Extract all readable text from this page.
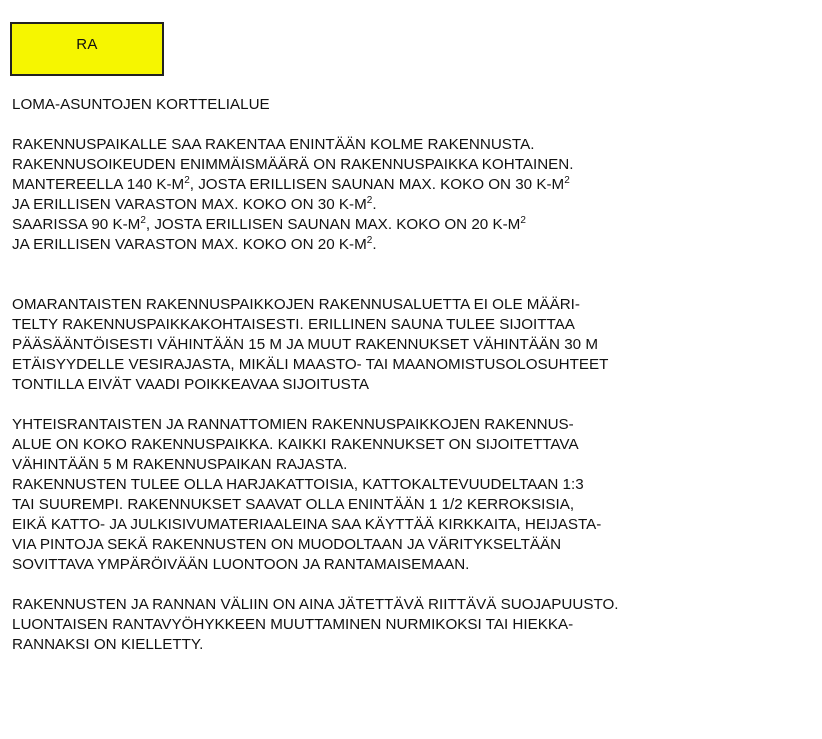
RA
LOMA-ASUNTOJEN KORTTELIALUE
RAKENNUSPAIKALLE SAA RAKENTAA ENINTÄÄN KOLME RAKENNUSTA.
RAKENNUSOIKEUDEN ENIMMÄISMÄÄRÄ ON RAKENNUSPAIKKA KOHTAINEN.
MANTEREELLA 140 $K-M^2$, JOSTA ERILLISEN SAUNAN MAX. KOKO ON 30 $K-M^2$
JA ERILLISEN VARASTON MAX. KOKO ON 30 $K-M^2$.
SAARISSA 90 $K-M^2$, JOSTA ERILLISEN SAUNAN MAX. KOKO ON 20 $K-M^2$
JA ERILLISEN VARASTON MAX. KOKO ON 20 $K-M^2$.
OMARANTAISTEN RAKENNUSPAIKKOJEN RAKENNUSALUETTA EI OLE MÄÄRI-
TELTY RAKENNUSPAIKKAKOHTAISESTI. ERILLINEN SAUNA TULEE SIJOITTAA
PÄÄSÄÄNTÖISESTI VÄHINTÄÄN 15 M JA MUUT RAKENNUKSET VÄHINTÄÄN 30 M
ETÄISYYDELLE VESIRAJASTA, MIKÄLI MAASTO- TAI MAANOMISTUSOLOSUHTEET
TONTILLA EIVÄT VAADI POIKKEAVAA SIJOITUSTA
YHTEISRANTAISTEN JA RANNATTOMIEN RAKENNUSPAIKKOJEN RAKENNUS-
ALUE ON KOKO RAKENNUSPAIKKA. KAIKKI RAKENNUKSET ON SIJOITETTAVA
VÄHINTÄÄN 5 M RAKENNUSPAIKAN RAJASTA.
RAKENNUSTEN TULEE OLLA HARJAKATTOISIA, KATTOKALTEVUUDELTAAN 1:3
TAI SUUREMPI. RAKENNUKSET SAAVAT OLLA ENINTÄÄN 1 1/2 KERROKSISIA,
EIKÄ KATTO- JA JULKISIVUMATERIAALEINA SAA KÄYTTÄÄ KIRKKAITA, HEIJASTA-
VIA PINTOJA SEKÄ RAKENNUSTEN ON MUODOLTAAN JA VÄRITYKSELTÄÄN
SOVITTAVA YMPÄRÖIVÄÄN LUONTOON JA RANTAMAISEMAAN.
RAKENNUSTEN JA RANNAN VÄLIIN ON AINA JÄTETTÄVÄ RIITTÄVÄ SUOJAPUUSTO.
LUONTAISEN RANTAVYÖHYKKEEN MUUTTAMINEN NURMIKOKSI TAI HIEKKA-
RANNAKSI ON KIELLETTY.
